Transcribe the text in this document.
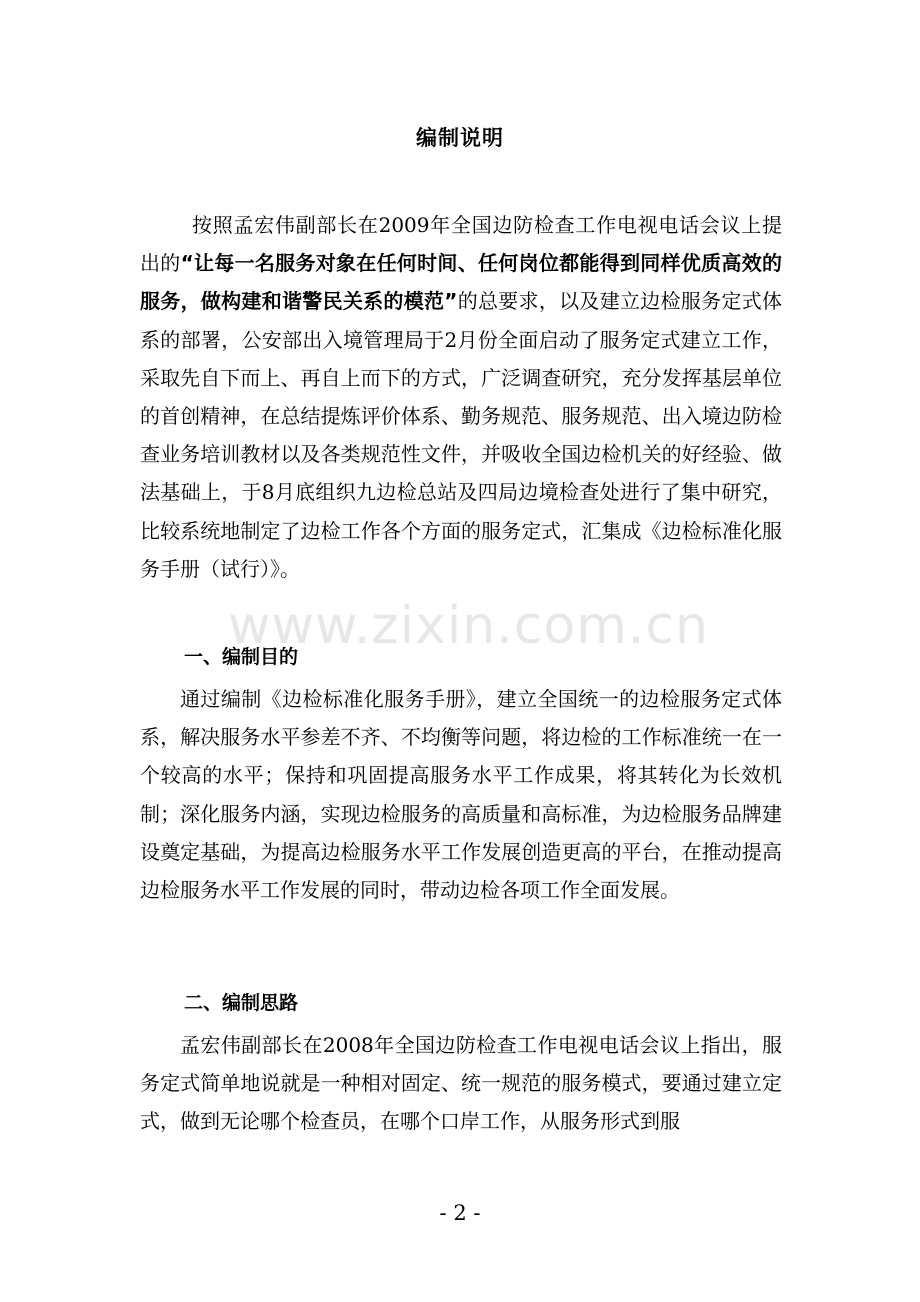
www.zixin.com.cn
编制说明
按照孟宏伟副部长在2009年全国边防检查工作电视电话会议上提出的“让每一名服务对象在任何时间、任何岗位都能得到同样优质高效的服务，做构建和谐警民关系的模范”的总要求，以及建立边检服务定式体系的部署，公安部出入境管理局于2月份全面启动了服务定式建立工作，采取先自下而上、再自上而下的方式，广泛调查研究，充分发挥基层单位的首创精神，在总结提炼评价体系、勤务规范、服务规范、出入境边防检查业务培训教材以及各类规范性文件，并吸收全国边检机关的好经验、做法基础上，于8月底组织九边检总站及四局边境检查处进行了集中研究，比较系统地制定了边检工作各个方面的服务定式，汇集成《边检标准化服务手册（试行）》。
一、编制目的
通过编制《边检标准化服务手册》，建立全国统一的边检服务定式体系，解决服务水平参差不齐、不均衡等问题，将边检的工作标准统一在一个较高的水平；保持和巩固提高服务水平工作成果，将其转化为长效机制；深化服务内涵，实现边检服务的高质量和高标准，为边检服务品牌建设奠定基础，为提高边检服务水平工作发展创造更高的平台，在推动提高边检服务水平工作发展的同时，带动边检各项工作全面发展。
二、编制思路
孟宏伟副部长在2008年全国边防检查工作电视电话会议上指出，服务定式简单地说就是一种相对固定、统一规范的服务模式，要通过建立定式，做到无论哪个检查员，在哪个口岸工作，从服务形式到服
- 2 -
